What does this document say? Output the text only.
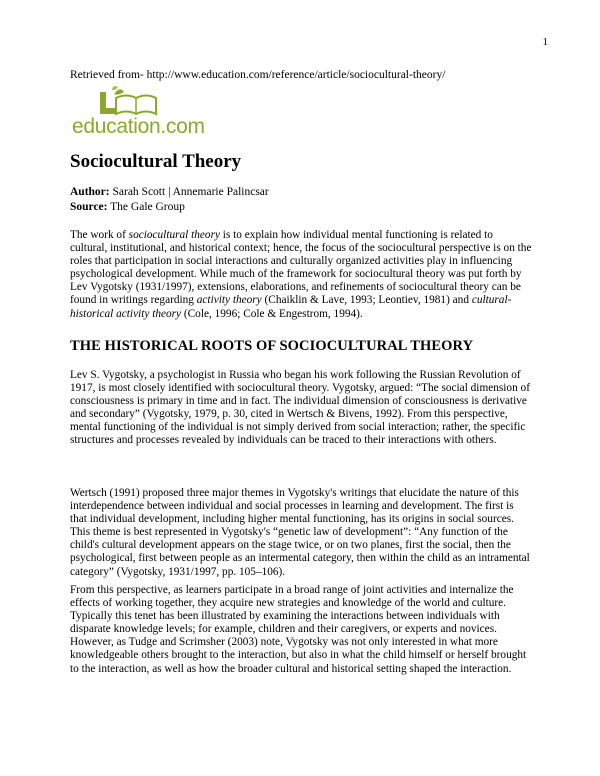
1
Retrieved from- http://www.education.com/reference/article/sociocultural-theory/
education.com
Sociocultural Theory
Author: Sarah Scott | Annemarie Palincsar
Source: The Gale Group

The work of sociocultural theory is to explain how individual mental functioning is related to cultural, institutional, and historical context; hence, the focus of the sociocultural perspective is on the roles that participation in social interactions and culturally organized activities play in influencing psychological development. While much of the framework for sociocultural theory was put forth by Lev Vygotsky (1931/1997), extensions, elaborations, and refinements of sociocultural theory can be found in writings regarding activity theory (Chaiklin & Lave, 1993; Leontiev, 1981) and cultural-historical activity theory (Cole, 1996; Cole & Engestrom, 1994).

THE HISTORICAL ROOTS OF SOCIOCULTURAL THEORY

Lev S. Vygotsky, a psychologist in Russia who began his work following the Russian Revolution of 1917, is most closely identified with sociocultural theory. Vygotsky, argued: “The social dimension of consciousness is primary in time and in fact. The individual dimension of consciousness is derivative and secondary” (Vygotsky, 1979, p. 30, cited in Wertsch & Bivens, 1992). From this perspective, mental functioning of the individual is not simply derived from social interaction; rather, the specific structures and processes revealed by individuals can be traced to their interactions with others.

Wertsch (1991) proposed three major themes in Vygotsky's writings that elucidate the nature of this interdependence between individual and social processes in learning and development. The first is that individual development, including higher mental functioning, has its origins in social sources. This theme is best represented in Vygotsky's “genetic law of development”: “Any function of the child's cultural development appears on the stage twice, or on two planes, first the social, then the psychological, first between people as an intermental category, then within the child as an intramental category” (Vygotsky, 1931/1997, pp. 105–106).

From this perspective, as learners participate in a broad range of joint activities and internalize the effects of working together, they acquire new strategies and knowledge of the world and culture. Typically this tenet has been illustrated by examining the interactions between individuals with disparate knowledge levels; for example, children and their caregivers, or experts and novices. However, as Tudge and Scrimsher (2003) note, Vygotsky was not only interested in what more knowledgeable others brought to the interaction, but also in what the child himself or herself brought to the interaction, as well as how the broader cultural and historical setting shaped the interaction.
